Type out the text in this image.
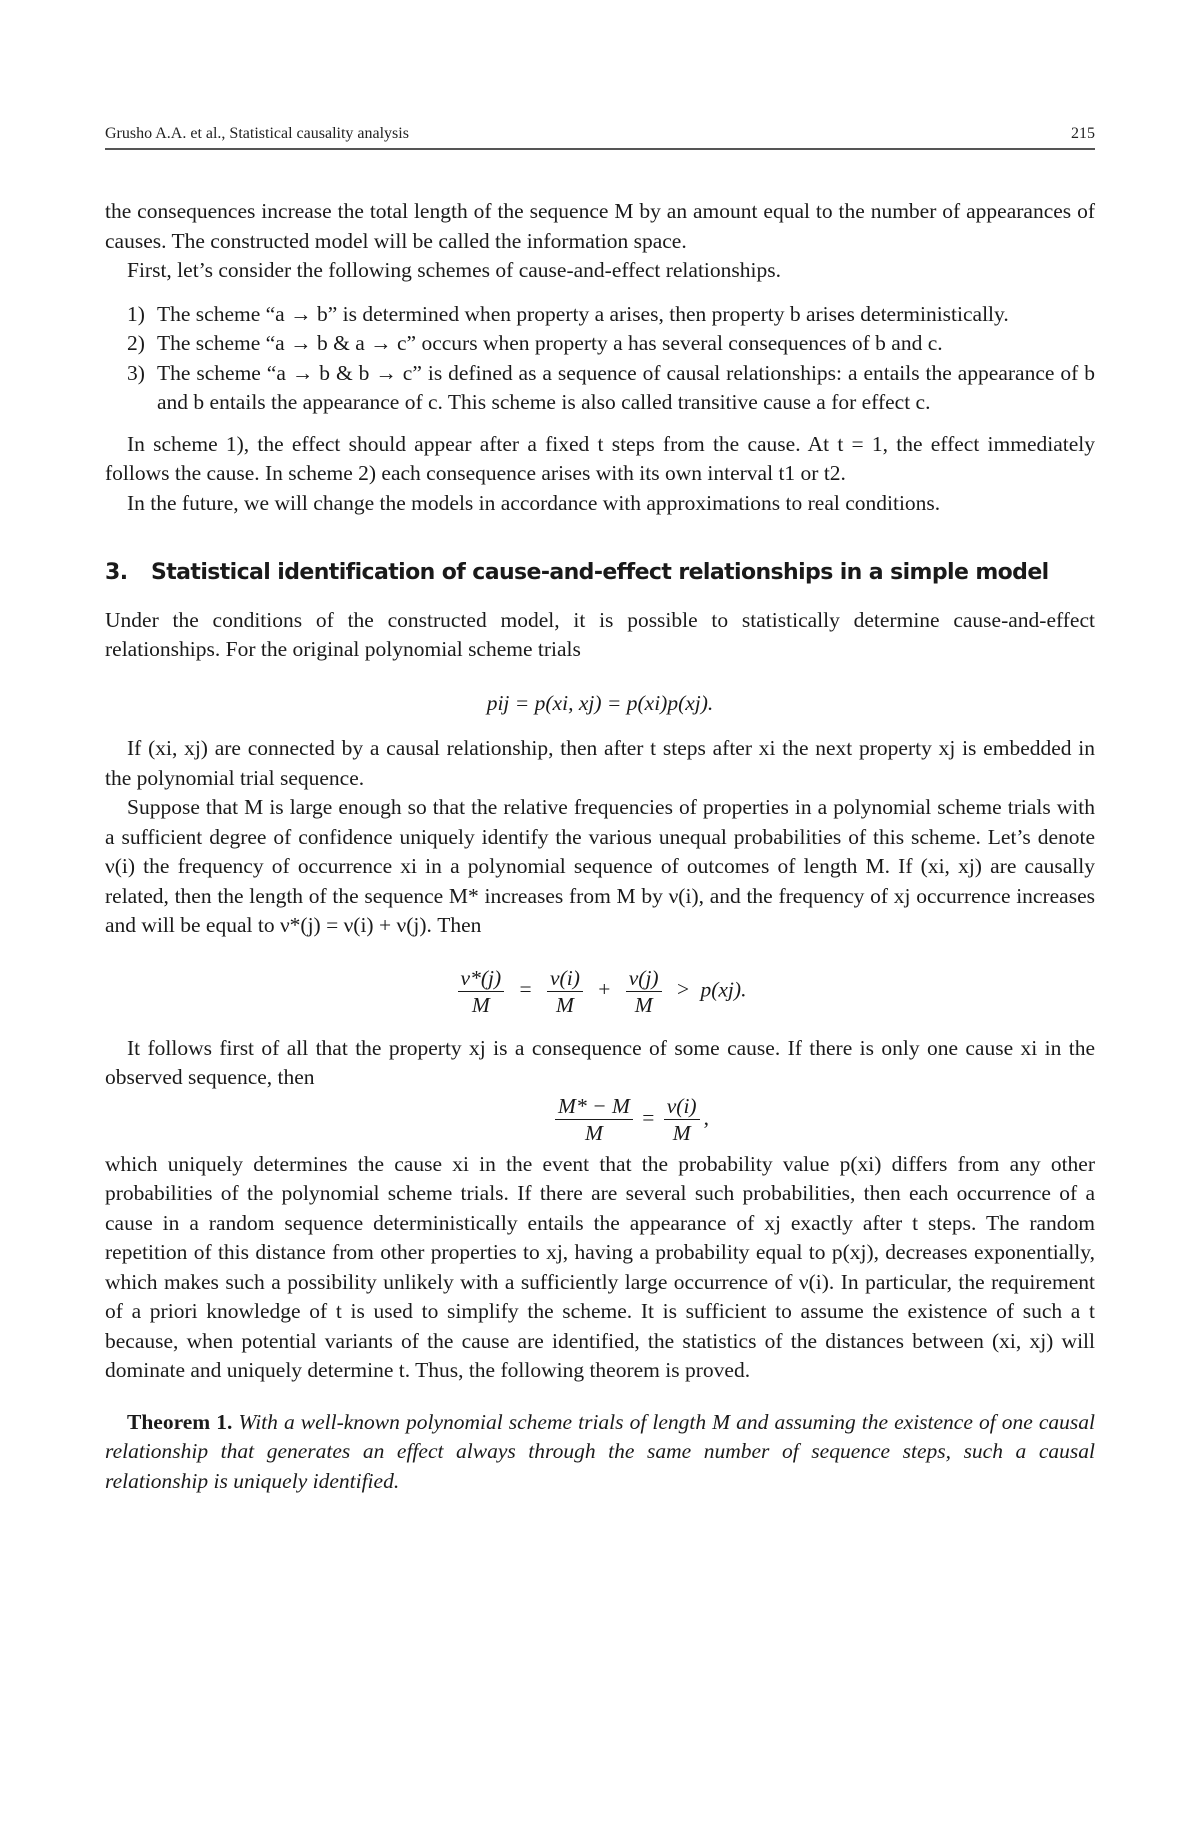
Grusho A.A. et al., Statistical causality analysis	215

the consequences increase the total length of the sequence M by an amount equal to the number of appearances of causes. The constructed model will be called the information space.

First, let’s consider the following schemes of cause-and-effect relationships.

1) The scheme “a → b” is determined when property a arises, then property b arises deterministically.
2) The scheme “a → b & a → c” occurs when property a has several consequences of b and c.
3) The scheme “a → b & b → c” is defined as a sequence of causal relationships: a entails the appearance of b and b entails the appearance of c. This scheme is also called transitive cause a for effect c.

In scheme 1), the effect should appear after a fixed t steps from the cause. At t = 1, the effect immediately follows the cause. In scheme 2) each consequence arises with its own interval t1 or t2.

In the future, we will change the models in accordance with approximations to real conditions.

3. Statistical identification of cause-and-effect relationships in a simple model

Under the conditions of the constructed model, it is possible to statistically determine cause-and-effect relationships. For the original polynomial scheme trials

pij = p(xi, xj) = p(xi)p(xj).

If (xi, xj) are connected by a causal relationship, then after t steps after xi the next property xj is embedded in the polynomial trial sequence.

Suppose that M is large enough so that the relative frequencies of properties in a polynomial scheme trials with a sufficient degree of confidence uniquely identify the various unequal probabilities of this scheme. Let’s denote ν(i) the frequency of occurrence xi in a polynomial sequence of outcomes of length M. If (xi, xj) are causally related, then the length of the sequence M* increases from M by ν(i), and the frequency of xj occurrence increases and will be equal to ν*(j) = ν(i) + ν(j). Then

$\frac{\nu*(j)}{M} = \frac{\nu(i)}{M} + \frac{\nu(j)}{M} > p(xj)$.

It follows first of all that the property xj is a consequence of some cause. If there is only one cause xi in the observed sequence, then

$\frac{M* - M}{M} = \frac{\nu(i)}{M}$ ,

which uniquely determines the cause xi in the event that the probability value p(xi) differs from any other probabilities of the polynomial scheme trials. If there are several such probabilities, then each occurrence of a cause in a random sequence deterministically entails the appearance of xj exactly after t steps. The random repetition of this distance from other properties to xj, having a probability equal to p(xj), decreases exponentially, which makes such a possibility unlikely with a sufficiently large occurrence of ν(i). In particular, the requirement of a priori knowledge of t is used to simplify the scheme. It is sufficient to assume the existence of such a t because, when potential variants of the cause are identified, the statistics of the distances between (xi, xj) will dominate and uniquely determine t. Thus, the following theorem is proved.

Theorem 1. With a well-known polynomial scheme trials of length M and assuming the existence of one causal relationship that generates an effect always through the same number of sequence steps, such a causal relationship is uniquely identified.
